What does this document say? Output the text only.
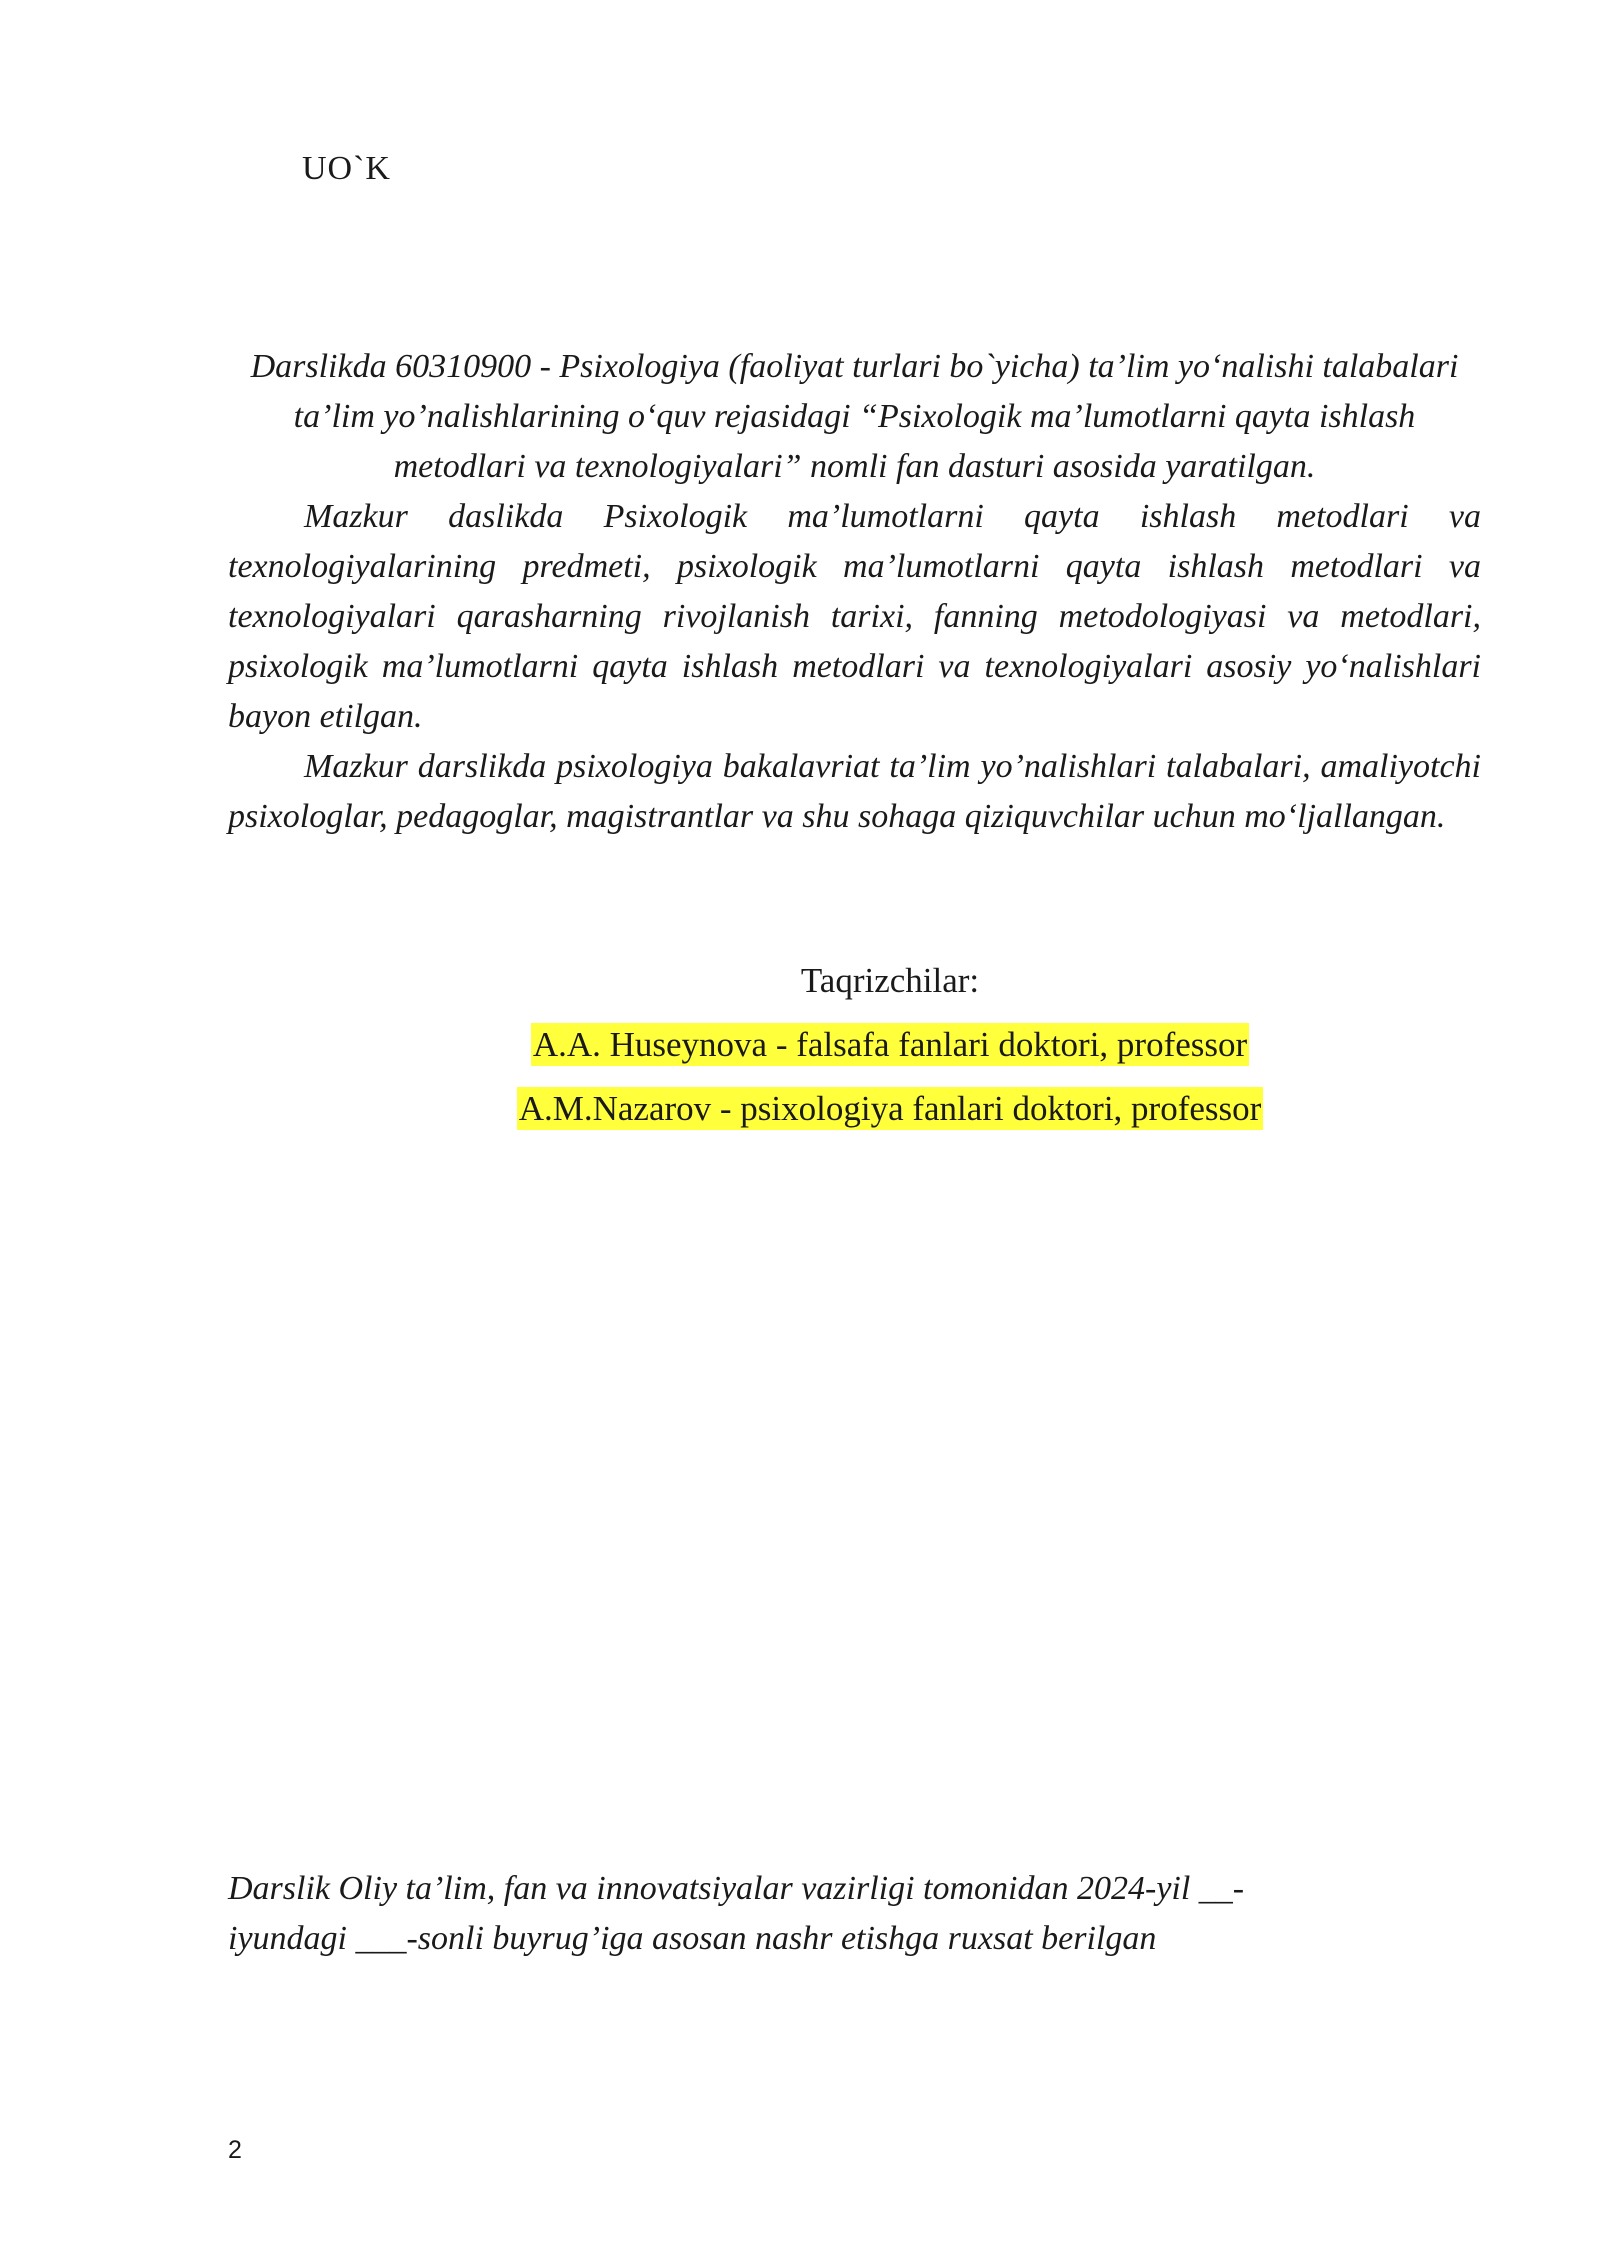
UO`K

Darslikda 60310900 - Psixologiya (faoliyat turlari bo`yicha) ta’lim yo‘nalishi talabalari ta’lim yo’nalishlarining o‘quv rejasidagi “Psixologik ma’lumotlarni qayta ishlash metodlari va texnologiyalari” nomli fan dasturi asosida yaratilgan.

Mazkur daslikda Psixologik ma’lumotlarni qayta ishlash metodlari va texnologiyalarining predmeti, psixologik ma’lumotlarni qayta ishlash metodlari va texnologiyalari qarasharning rivojlanish tarixi, fanning metodologiyasi va metodlari, psixologik ma’lumotlarni qayta ishlash metodlari va texnologiyalari asosiy yo‘nalishlari bayon etilgan.

Mazkur darslikda psixologiya bakalavriat ta’lim yo’nalishlari talabalari, amaliyotchi psixologlar, pedagoglar, magistrantlar va shu sohaga qiziquvchilar uchun mo‘ljallangan.

Taqrizchilar:

A.A. Huseynova - falsafa fanlari doktori, professor

A.M.Nazarov - psixologiya fanlari doktori, professor

Darslik Oliy ta’lim, fan va innovatsiyalar vazirligi tomonidan 2024-yil __-

iyundagi ___-sonli buyrug’iga asosan nashr etishga ruxsat berilgan

2
